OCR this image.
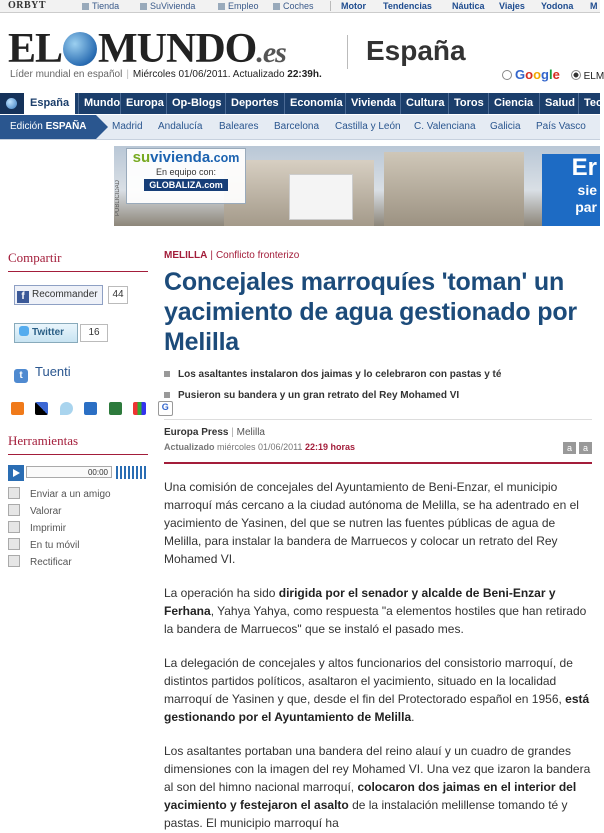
ORBYT	Tienda	SuVivienda	Empleo	Coches	Motor Tendencias Náutica Viajes Yodona M
EL MUNDO.es	España
Líder mundial en español | Miércoles 01/06/2011. Actualizado 22:39h.	Google ELM
España	Mundo Europa Op-Blogs Deportes	Economía Vivienda Cultura Toros Ciencia	Salud Tec
Edición ESPAÑA	Madrid Andalucía Baleares Barcelona Castilla y León C. Valenciana Galicia País Vasco
PUBLICIDAD
suvivienda.com
En equipo con:
GLOBALIZA.com
Er
sie
par
Compartir
f Recommander	44
Twitter	16
t Tuenti
G
Herramientas
00:00
Enviar a un amigo
Valorar
Imprimir
En tu móvil
Rectificar
MELILLA | Conflicto fronterizo
Concejales marroquíes 'toman' un yacimiento de agua gestionado por Melilla
Los asaltantes instalaron dos jaimas y lo celebraron con pastas y té
Pusieron su bandera y un gran retrato del Rey Mohamed VI
Europa Press | Melilla
Actualizado miércoles 01/06/2011 22:19 horas	a	a

Una comisión de concejales del Ayuntamiento de Beni-Enzar, el municipio marroquí más cercano a la ciudad autónoma de Melilla, se ha adentrado en el yacimiento de Yasinen, del que se nutren las fuentes públicas de agua de Melilla, para instalar la bandera de Marruecos y colocar un retrato del Rey Mohamed VI.

La operación ha sido dirigida por el senador y alcalde de Beni-Enzar y Ferhana, Yahya Yahya, como respuesta "a elementos hostiles que han retirado la bandera de Marruecos" que se instaló el pasado mes.

La delegación de concejales y altos funcionarios del consistorio marroquí, de distintos partidos políticos, asaltaron el yacimiento, situado en la localidad marroquí de Yasinen y que, desde el fin del Protectorado español en 1956, está gestionando por el Ayuntamiento de Melilla.

Los asaltantes portaban una bandera del reino alauí y un cuadro de grandes dimensiones con la imagen del rey Mohamed VI. Una vez que izaron la bandera al son del himno nacional marroquí, colocaron dos jaimas en el interior del yacimiento y festejaron el asalto de la instalación melillense tomando té y pastas. El municipio marroquí ha
